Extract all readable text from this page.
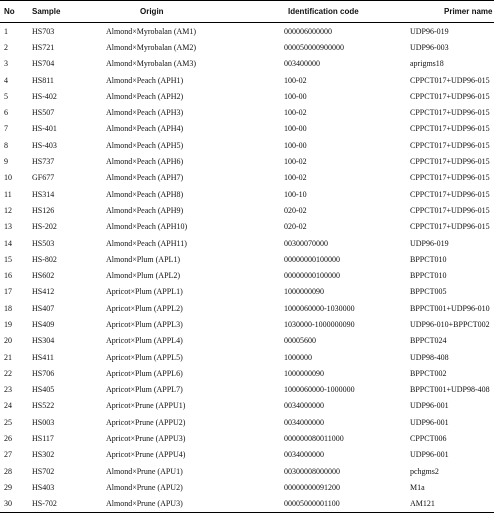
No	Sample	Origin	Identification code	Primer name
1	HS703	Almond×Myrobalan (AM1)	000006000000	UDP96-019
2	HS721	Almond×Myrobalan (AM2)	000050000900000	UDP96-003
3	HS704	Almond×Myrobalan (AM3)	003400000	aprigms18
4	HS811	Almond×Peach (APH1)	100-02	CPPCT017+UDP96-015
5	HS-402	Almond×Peach (APH2)	100-00	CPPCT017+UDP96-015
6	HS507	Almond×Peach (APH3)	100-02	CPPCT017+UDP96-015
7	HS-401	Almond×Peach (APH4)	100-00	CPPCT017+UDP96-015
8	HS-403	Almond×Peach (APH5)	100-00	CPPCT017+UDP96-015
9	HS737	Almond×Peach (APH6)	100-02	CPPCT017+UDP96-015
10	GF677	Almond×Peach (APH7)	100-02	CPPCT017+UDP96-015
11	HS314	Almond×Peach (APH8)	100-10	CPPCT017+UDP96-015
12	HS126	Almond×Peach (APH9)	020-02	CPPCT017+UDP96-015
13	HS-202	Almond×Peach (APH10)	020-02	CPPCT017+UDP96-015
14	HS503	Almond×Peach (APH11)	00300070000	UDP96-019
15	HS-802	Almond×Plum (APL1)	00000000100000	BPPCT010
16	HS602	Almond×Plum (APL2)	00000000100000	BPPCT010
17	HS412	Apricot×Plum (APPL1)	1000000090	BPPCT005
18	HS407	Apricot×Plum (APPL2)	1000060000-1030000	BPPCT001+UDP96-010
19	HS409	Apricot×Plum (APPL3)	1030000-1000000090	UDP96-010+BPPCT002
20	HS304	Apricot×Plum (APPL4)	00005600	BPPCT024
21	HS411	Apricot×Plum (APPL5)	1000000	UDP98-408
22	HS706	Apricot×Plum (APPL6)	1000000090	BPPCT002
23	HS405	Apricot×Plum (APPL7)	1000060000-1000000	BPPCT001+UDP98-408
24	HS522	Apricot×Prune (APPU1)	0034000000	UDP96-001
25	HS003	Apricot×Prune (APPU2)	0034000000	UDP96-001
26	HS117	Apricot×Prune (APPU3)	000000080011000	CPPCT006
27	HS302	Apricot×Prune (APPU4)	0034000000	UDP96-001
28	HS702	Almond×Prune (APU1)	00300008000000	pchgms2
29	HS403	Almond×Prune (APU2)	00000000091200	M1a
30	HS-702	Almond×Prune (APU3)	00005000001100	AM121
